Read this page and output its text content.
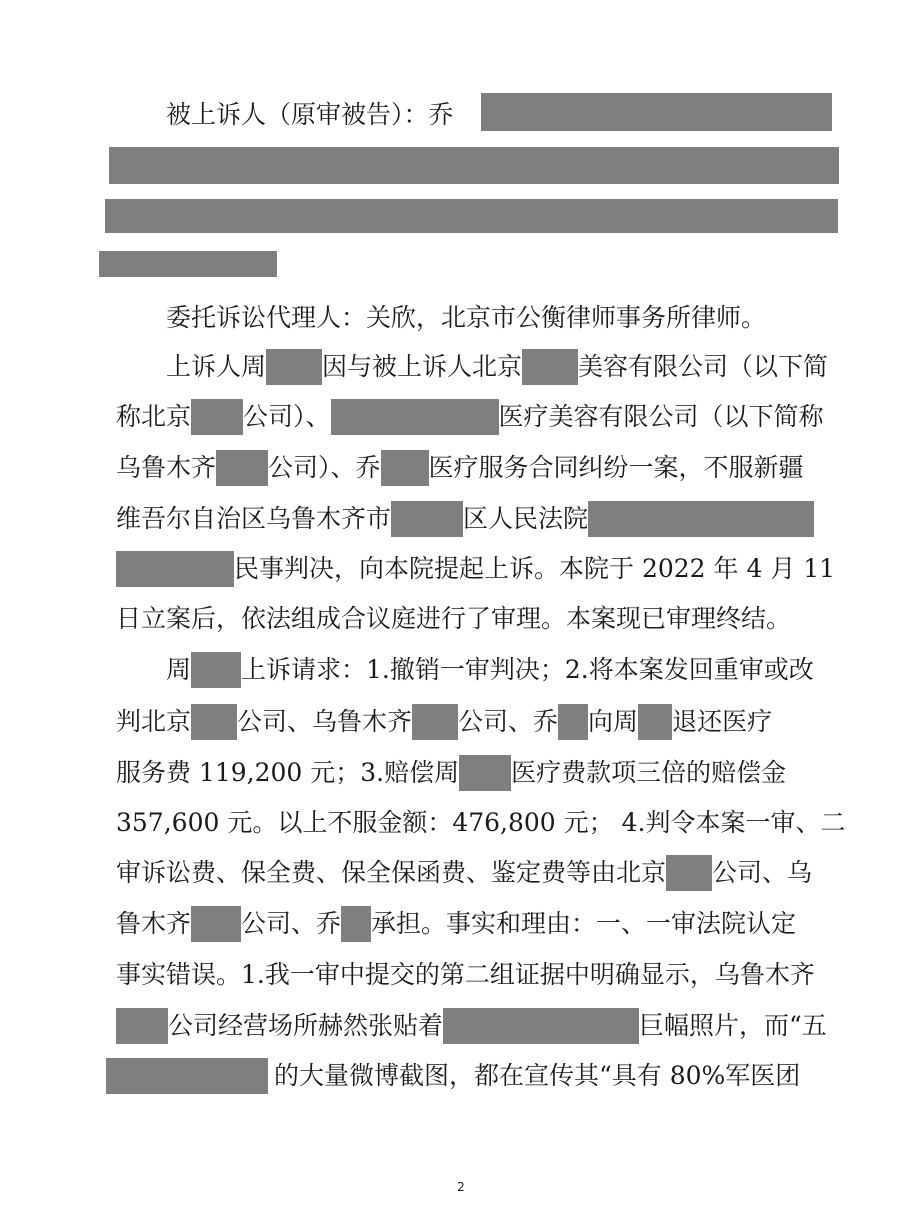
被上诉人（原审被告）：乔
委托诉讼代理人：关欣，北京市公衡律师事务所律师。
上诉人周 因与被上诉人北京 美容有限公司（以下简
称北京 公司）、	医疗美容有限公司（以下简称
乌鲁木齐 公司）、乔 医疗服务合同纠纷一案，不服新疆
维吾尔自治区乌鲁木齐市	区人民法院
民事判决，向本院提起上诉。本院于 2022 年 4 月 11
日立案后，依法组成合议庭进行了审理。本案现已审理终结。
周 上诉请求：1.撤销一审判决；2.将本案发回重审或改
判北京 公司、乌鲁木齐 公司、乔 向周 退还医疗
服务费 119,200 元；3.赔偿周 医疗费款项三倍的赔偿金
357,600 元。以上不服金额：476,800 元； 4.判令本案一审、二
审诉讼费、保全费、保全保函费、鉴定费等由北京 公司、乌
鲁木齐 公司、乔 承担。事实和理由：一、一审法院认定
事实错误。1.我一审中提交的第二组证据中明确显示，乌鲁木齐
公司经营场所赫然张贴着	巨幅照片，而“五
的大量微博截图，都在宣传其“具有 80%军医团
2
